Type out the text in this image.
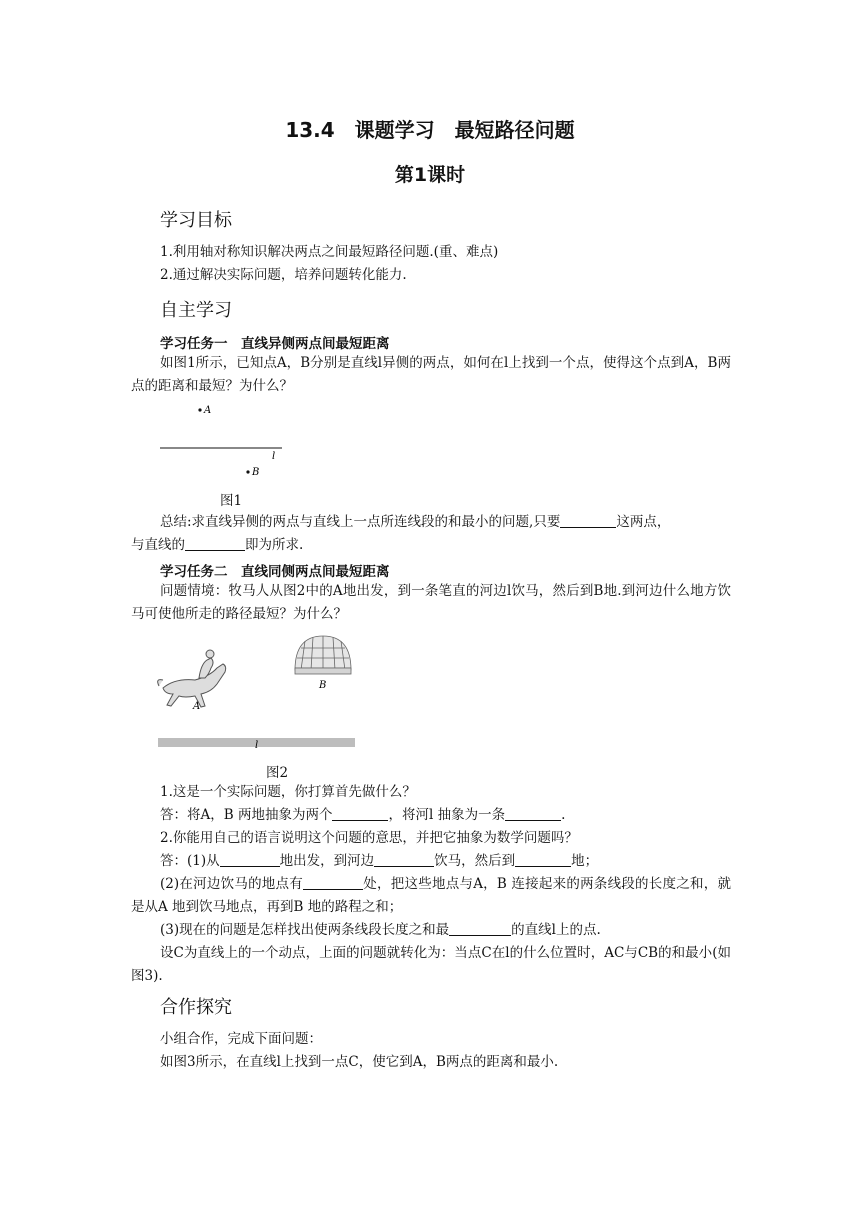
13.4　课题学习　最短路径问题
第1课时
学习目标
1.利用轴对称知识解决两点之间最短路径问题.(重、难点)
2.通过解决实际问题，培养问题转化能力.
自主学习
学习任务一　直线异侧两点间最短距离
如图1所示，已知点A，B分别是直线l异侧的两点，如何在l上找到一个点，使得这个点到A，B两点的距离和最短？为什么？
A
l
B
图1
总结:求直线异侧的两点与直线上一点所连线段的和最小的问题,只要	这两点，
与直线的	即为所求.
学习任务二　直线同侧两点间最短距离
问题情境：牧马人从图2中的A地出发，到一条笔直的河边l饮马，然后到B地.到河边什么地方饮马可使他所走的路径最短？为什么？
A
B
l
图2
1.这是一个实际问题，你打算首先做什么？
答：将A，B 两地抽象为两个	，将河l 抽象为一条	.
2.你能用自己的语言说明这个问题的意思，并把它抽象为数学问题吗？
答：(1)从	地出发，到河边	饮马，然后到	地；
(2)在河边饮马的地点有	处，把这些地点与A，B 连接起来的两条线段的长度之和，就是从A 地到饮马地点，再到B 地的路程之和；
(3)现在的问题是怎样找出使两条线段长度之和最	的直线l上的点.
设C为直线上的一个动点，上面的问题就转化为：当点C在l的什么位置时，AC与CB的和最小(如图3).
合作探究
小组合作，完成下面问题：
如图3所示，在直线l上找到一点C，使它到A，B两点的距离和最小.
